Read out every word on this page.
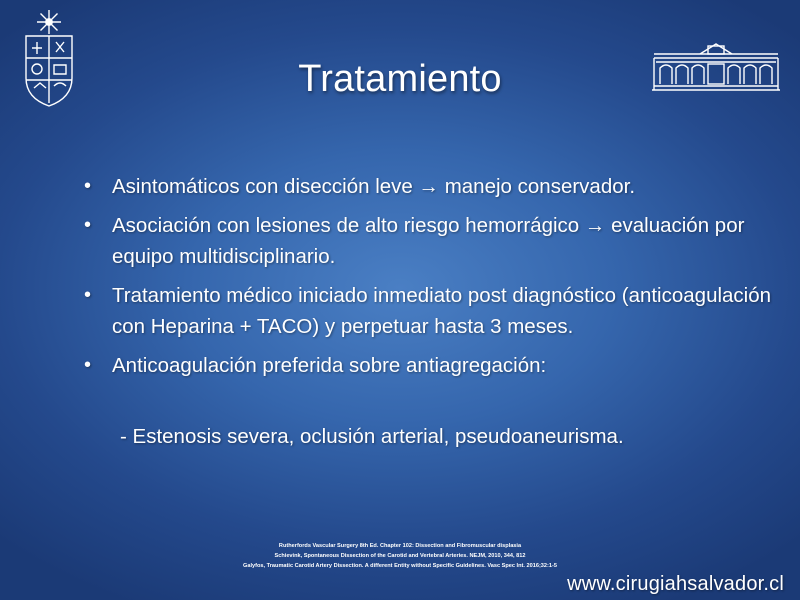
Tratamiento
• Asintomáticos con disección leve → manejo conservador.
• Asociación con lesiones de alto riesgo hemorrágico → evaluación por equipo multidisciplinario.
• Tratamiento médico iniciado inmediato post diagnóstico (anticoagulación con Heparina + TACO) y perpetuar hasta 3 meses.
• Anticoagulación preferida sobre antiagregación:
- Estenosis severa, oclusión arterial, pseudoaneurisma.
Rutherfords Vascular Surgery 8th Ed. Chapter 102: Dissection and Fibromuscular displasia
Schievink, Spontaneous Dissection of the Carotid and Vertebral Arteries. NEJM, 2010, 344, 812
Galyfos, Traumatic Carotid Artery Dissection. A different Entity without Specific Guidelines. Vasc Spec Int. 2016;32:1-5
www.cirugiahsalvador.cl
